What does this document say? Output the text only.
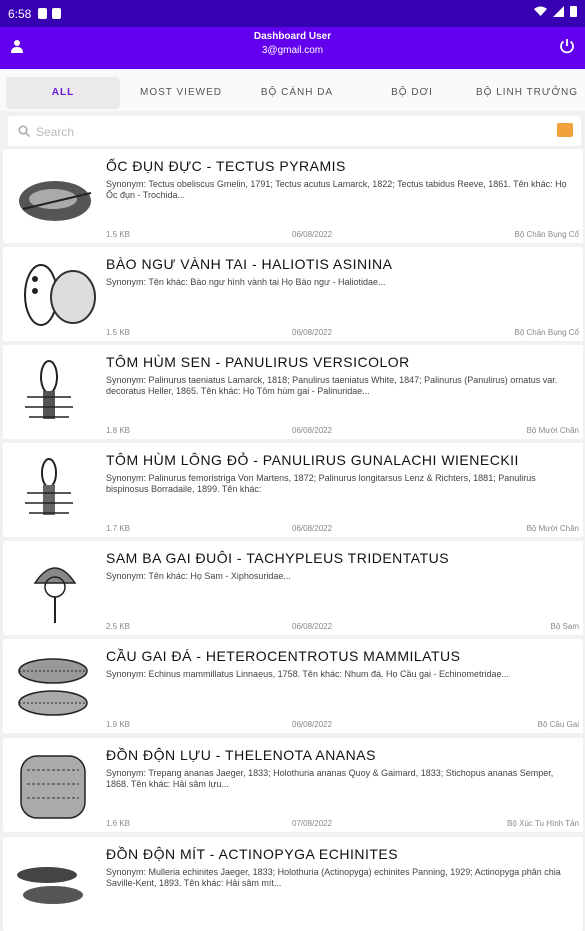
6:58
Dashboard User
3@gmail.com
ALL	MOST VIEWED	BỘ CÁNH DA	BỘ DƠI	BỘ LINH TRƯỞNG
Search
ỐC ĐỤN ĐỰC - TECTUS PYRAMIS
Synonym: Tectus obeliscus Gmelin, 1791; Tectus acutus Lamarck, 1822; Tectus tabidus Reeve, 1861. Tên khác: Họ Ốc đụn - Trochida...
1.5 KB	06/08/2022	Bộ Chân Bụng Cổ
BÀO NGƯ VÀNH TAI - HALIOTIS ASININA
Synonym: Tên khác: Bào ngư hình vành tai Họ Bào ngư - Haliotidae...
1.5 KB	06/08/2022	Bộ Chân Bụng Cổ
TÔM HÙM SEN - PANULIRUS VERSICOLOR
Synonym: Palinurus taeniatus Lamarck, 1818; Panulirus taeniatus White, 1847; Palinurus (Panulirus) ornatus var. decoratus Heller, 1865. Tên khác: Họ Tôm hùm gai - Palinuridae...
1.8 KB	06/08/2022	Bộ Mười Chân
TÔM HÙM LÔNG ĐỎ - PANULIRUS GUNALACHI WIENECKII
Synonym: Palinurus femoristriga Von Martens, 1872; Palinurus longitarsus Lenz & Richters, 1881; Panulirus bispinosus Borradaile, 1899. Tên khác:
1.7 KB	06/08/2022	Bộ Mười Chân
SAM BA GAI ĐUÔI - TACHYPLEUS TRIDENTATUS
Synonym: Tên khác: Họ Sam - Xiphosuridae...
2.5 KB	06/08/2022	Bộ Sam
CẦU GAI ĐÁ - HETEROCENTROTUS MAMMILATUS
Synonym: Echinus mammillatus Linnaeus, 1758. Tên khác: Nhum đá. Họ Cầu gai - Echinometridae...
1.9 KB	06/08/2022	Bộ Cầu Gai
ĐỒN ĐỘN LỰU - THELENOTA ANANAS
Synonym: Trepang ananas Jaeger, 1833; Holothuria ananas Quoy & Gaimard, 1833; Stichopus ananas Semper, 1868. Tên khác: Hải sâm lựu...
1.6 KB	07/08/2022	Bộ Xúc Tu Hình Tán
ĐỒN ĐỘN MÍT - ACTINOPYGA ECHINITES
Synonym: Mulleria echinites Jaeger, 1833; Holothuria (Actinopyga) echinites Panning, 1929; Actinopyga phân chia Saville-Kent, 1893. Tên khác: Hải sâm mít...
